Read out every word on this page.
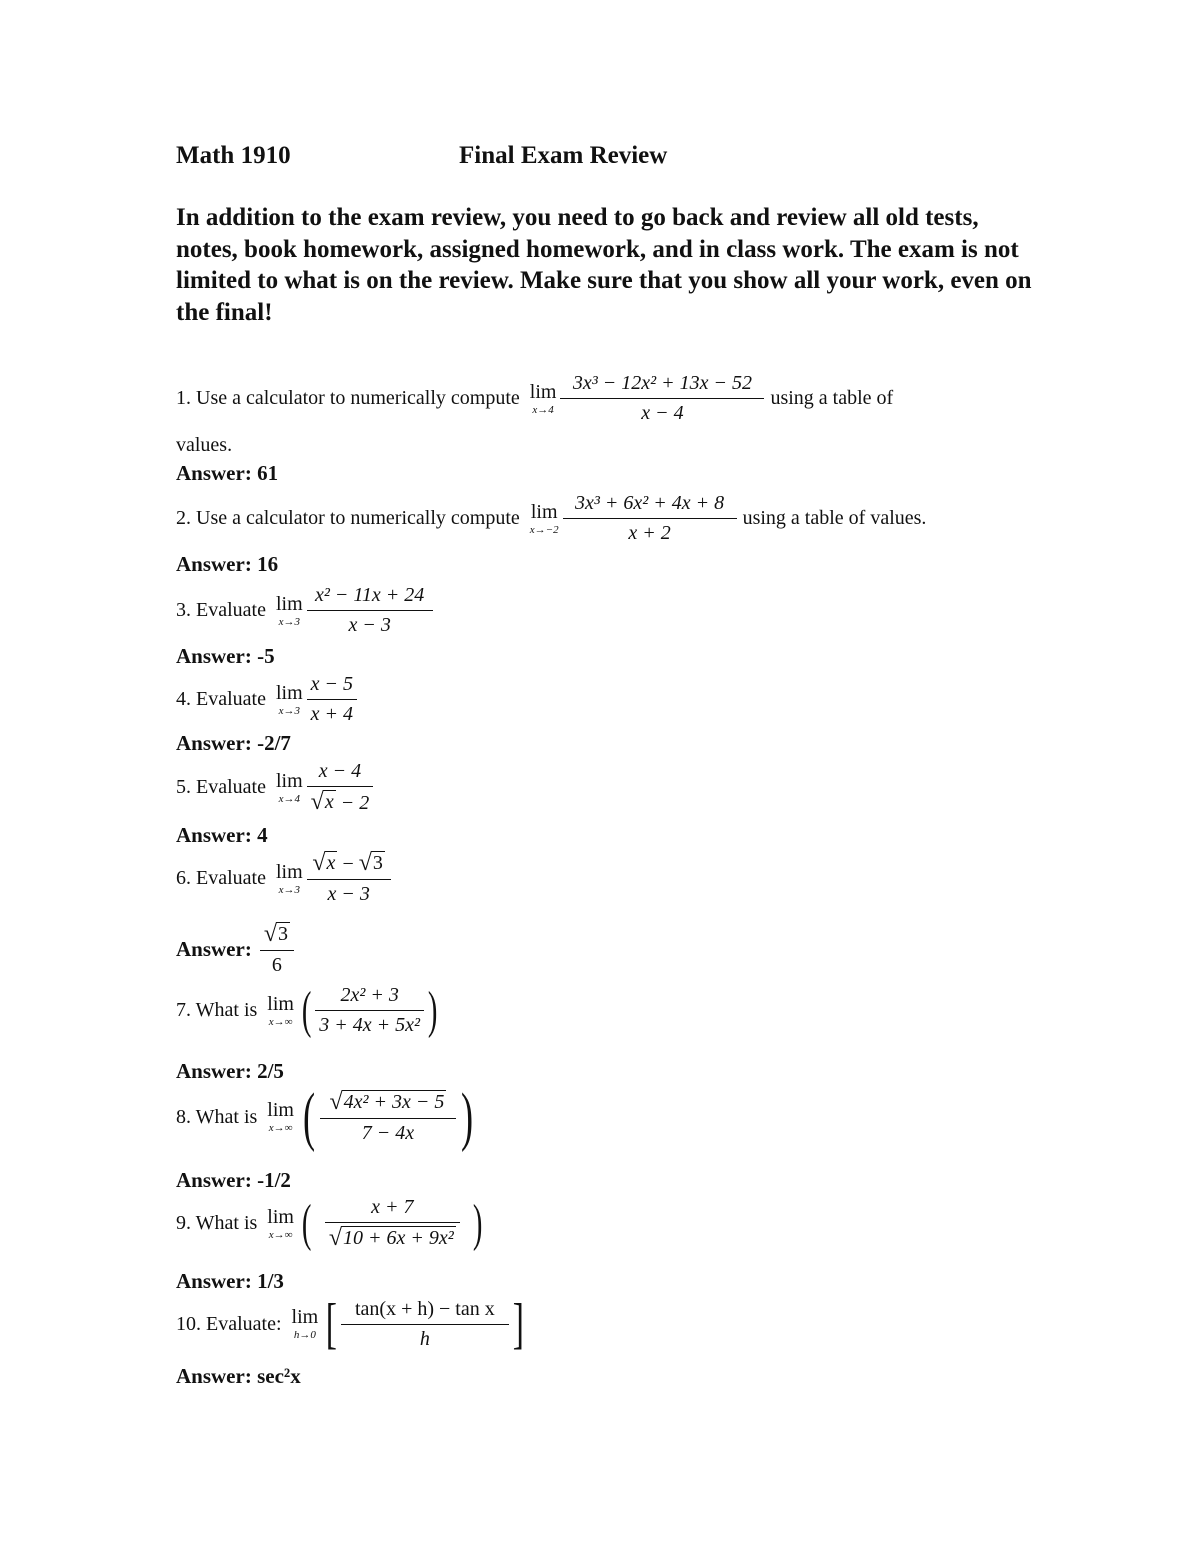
Math 1910	Final Exam Review
In addition to the exam review, you need to go back and review all old tests, notes, book homework, assigned homework, and in class work. The exam is not limited to what is on the review. Make sure that you show all your work, even on the final!
1. Use a calculator to numerically compute lim
$x\to 4 \frac{\text{3x³ − 12x² + 13x − 52}}{x - 4}$ using a table of
values.
Answer: 61
2. Use a calculator to numerically compute lim
$x\to-2 \frac{\text{3x³ + 6x² + 4x + 8}}{x + 2}$ using a table of values.
Answer: 16
3. Evaluate lim
$x\to 3 \frac{\text{x² − 11x + 24}}{x - 3}$
Answer: -5
4. Evaluate lim
$x\to 3 \frac{x - 5}{x + 4}$
Answer: -2/7
5. Evaluate lim
$x\to 4 \frac{x - 4}{√ x - 2}$
Answer: 4
6. Evaluate lim
$x\to 3 \frac{√ x - √ 3}{x - 3}$
Answer: $\frac{√ 3}{6}$
7. What is lim
x→∞ ( $\frac{\text{2x² + 3}}{\text{3 + 4x + 5x²}}$ )
Answer: 2/5
8. What is lim
x→∞ ( $\frac{\text{√ 4x² + 3x − 5}}{7 - 4x}$ )
Answer: -1/2
9. What is lim
x→∞ ( $\frac{x + 7}{\text{√ 10 + 6x + 9x²}}$ )
Answer: 1/3
10. Evaluate: lim
h→0 [ $\frac{\text{tan(x + h) − tan x}}{h}$ ]
Answer: sec²x
